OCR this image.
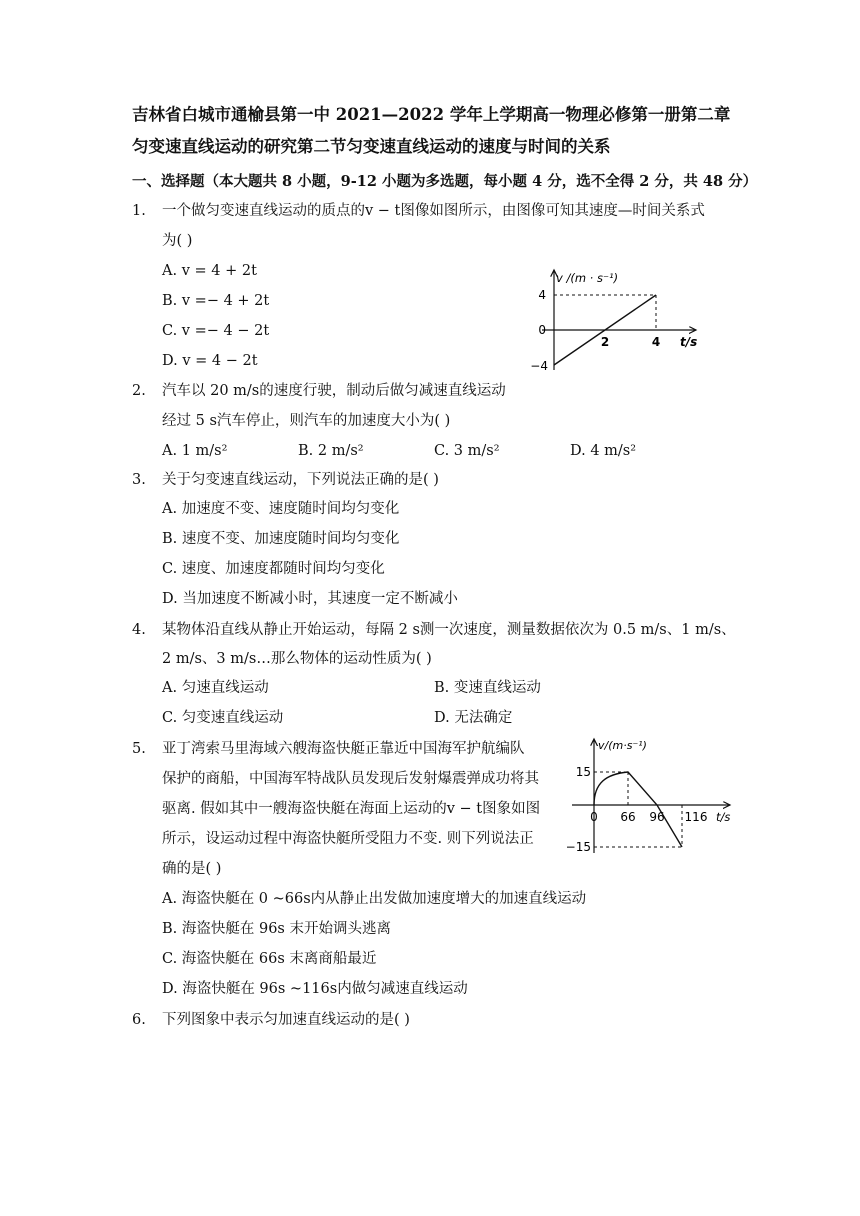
吉林省白城市通榆县第一中 2021—2022 学年上学期高一物理必修第一册第二章
匀变速直线运动的研究第二节匀变速直线运动的速度与时间的关系
一、选择题（本大题共 8 小题，9-12 小题为多选题，每小题 4 分，选不全得 2 分，共 48 分）
1. 一个做匀变速直线运动的质点的v − t图像如图所示，由图像可知其速度—时间关系式
为( )
A. v = 4 + 2t
B. v =− 4 + 2t
C. v =− 4 − 2t
D. v = 4 − 2t
v /(m · s⁻¹)
t/s
4
0
−4
2	4
2. 汽车以 20 m/s的速度行驶，制动后做匀减速直线运动
经过 5 s汽车停止，则汽车的加速度大小为( )
A. 1 m/s²	B. 2 m/s²	C. 3 m/s²	D. 4 m/s²
3. 关于匀变速直线运动，下列说法正确的是( )
A. 加速度不变、速度随时间均匀变化
B. 速度不变、加速度随时间均匀变化
C. 速度、加速度都随时间均匀变化
D. 当加速度不断减小时，其速度一定不断减小
4. 某物体沿直线从静止开始运动，每隔 2 s测一次速度，测量数据依次为 0.5 m/s、1 m/s、
2 m/s、3 m/s…那么物体的运动性质为( )
A. 匀速直线运动	B. 变速直线运动
C. 匀变速直线运动	D. 无法确定
5. 亚丁湾索马里海域六艘海盗快艇正靠近中国海军护航编队
保护的商船，中国海军特战队员发现后发射爆震弹成功将其
驱离. 假如其中一艘海盗快艇在海面上运动的v − t图象如图
所示，设运动过程中海盗快艇所受阻力不变. 则下列说法正
确的是( )
A. 海盗快艇在 0 ~66s内从静止出发做加速度增大的加速直线运动
B. 海盗快艇在 96s 末开始调头逃离
C. 海盗快艇在 66s 末离商船最近
D. 海盗快艇在 96s ~116s内做匀减速直线运动
v/(m·s⁻¹)
t/s
15
0
−15
66 96 116
6. 下列图象中表示匀加速直线运动的是( )
